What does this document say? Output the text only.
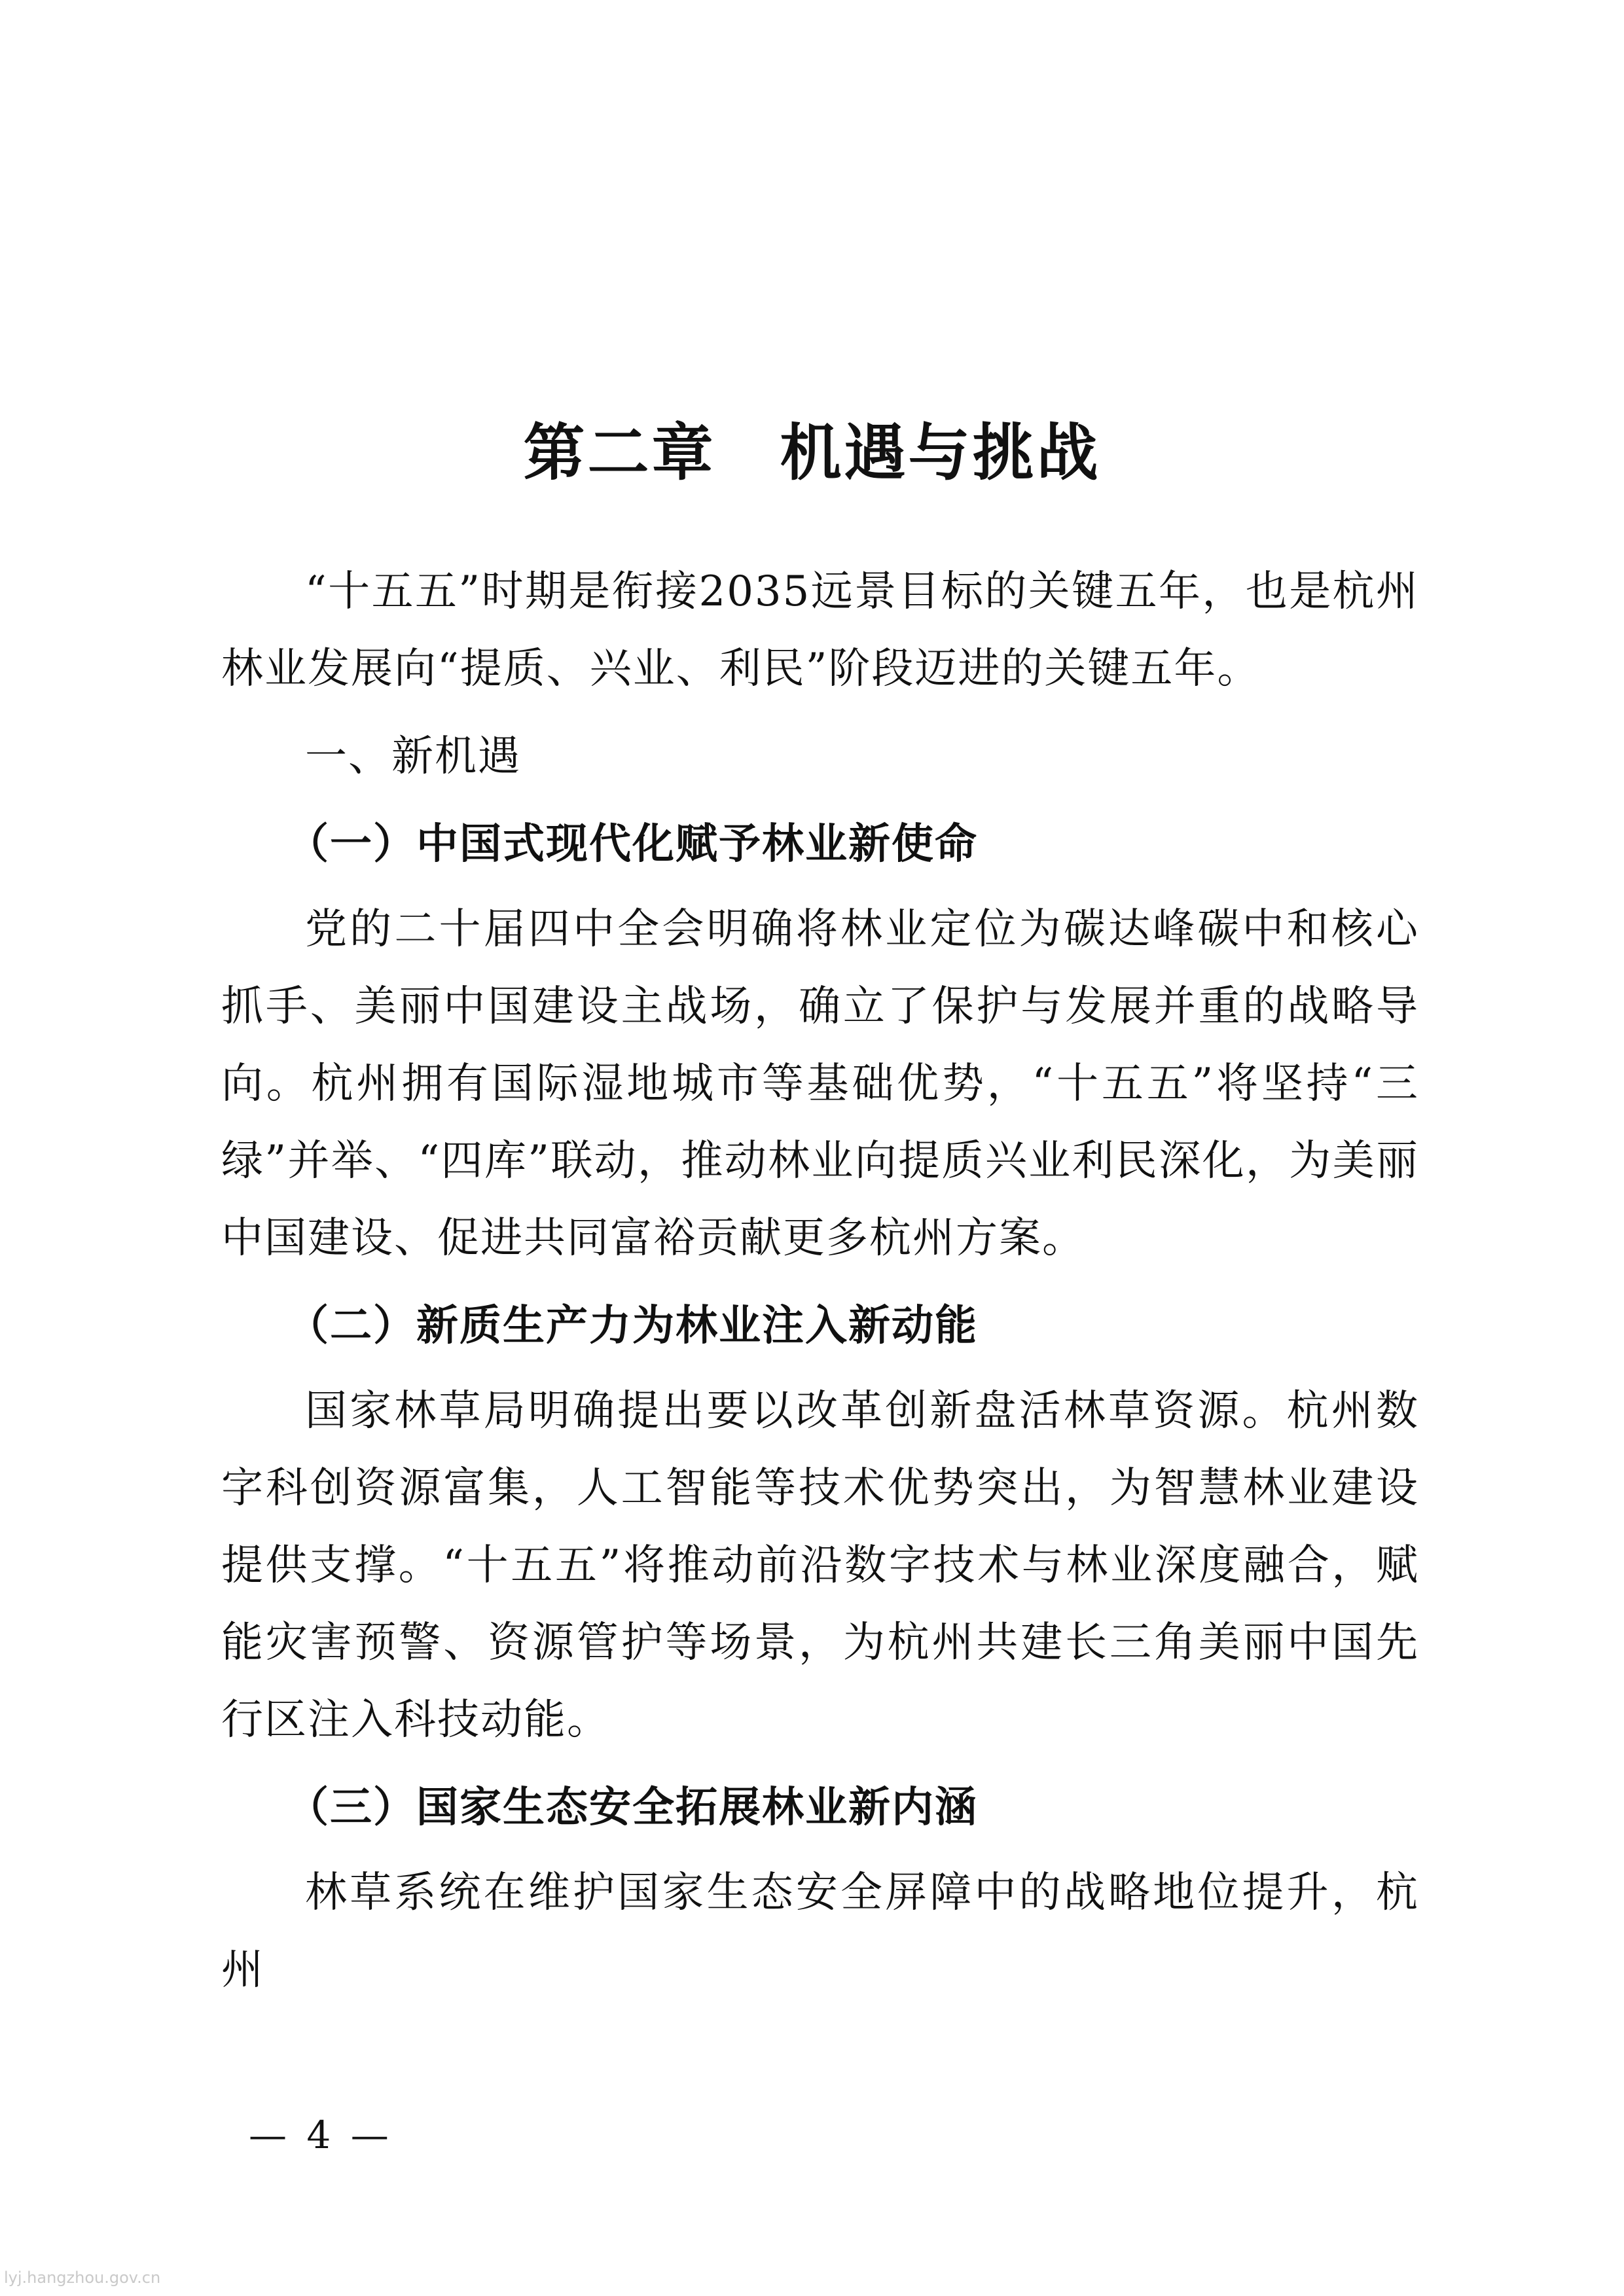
第二章　机遇与挑战

“十五五”时期是衔接2035远景目标的关键五年，也是杭州林业发展向“提质、兴业、利民”阶段迈进的关键五年。

一、新机遇

（一）中国式现代化赋予林业新使命

党的二十届四中全会明确将林业定位为碳达峰碳中和核心抓手、美丽中国建设主战场，确立了保护与发展并重的战略导向。杭州拥有国际湿地城市等基础优势，“十五五”将坚持“三绿”并举、“四库”联动，推动林业向提质兴业利民深化，为美丽中国建设、促进共同富裕贡献更多杭州方案。

（二）新质生产力为林业注入新动能

国家林草局明确提出要以改革创新盘活林草资源。杭州数字科创资源富集，人工智能等技术优势突出，为智慧林业建设提供支撑。“十五五”将推动前沿数字技术与林业深度融合，赋能灾害预警、资源管护等场景，为杭州共建长三角美丽中国先行区注入科技动能。

（三）国家生态安全拓展林业新内涵

林草系统在维护国家生态安全屏障中的战略地位提升，杭州

— 4 —
lyj.hangzhou.gov.cn
